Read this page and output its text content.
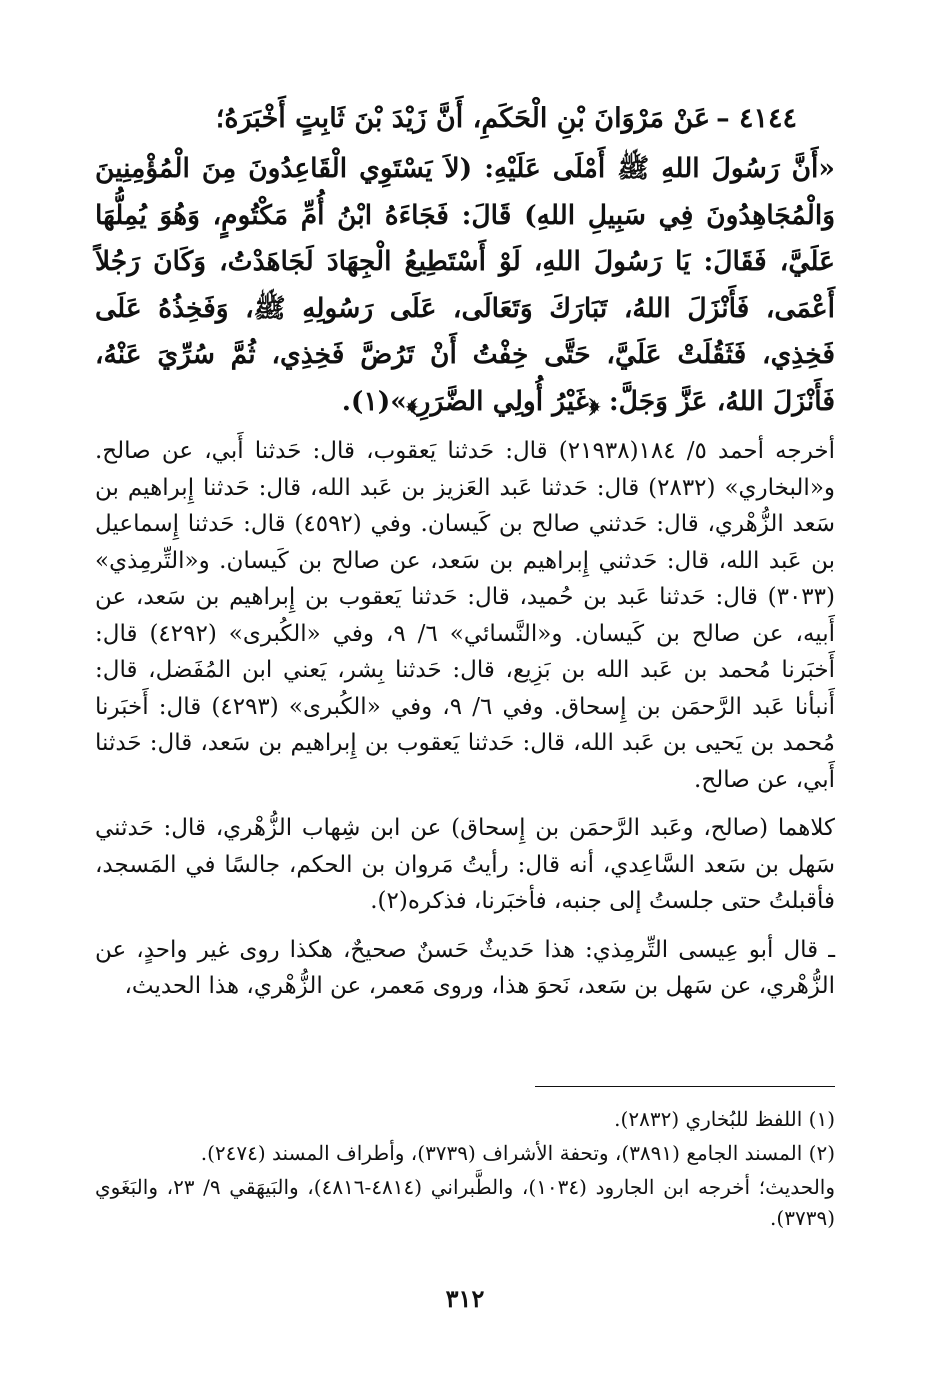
٤١٤٤ –عَنْ مَرْوَانَ بْنِ الْحَكَمِ، أَنَّ زَيْدَ بْنَ ثَابِتٍ أَخْبَرَهُ؛

«أَنَّ رَسُولَ اللهِ ﷺ أَمْلَى عَلَيْهِ: (لاَ يَسْتَوِي الْقَاعِدُونَ مِنَ الْمُؤْمِنِينَ وَالْمُجَاهِدُونَ فِي سَبِيلِ اللهِ) قَالَ: فَجَاءَهُ ابْنُ أُمِّ مَكْتُومٍ، وَهُوَ يُمِلُّهَا عَلَيَّ، فَقَالَ: يَا رَسُولَ اللهِ، لَوْ أَسْتَطِيعُ الْجِهَادَ لَجَاهَدْتُ، وَكَانَ رَجُلاً أَعْمَى، فَأَنْزَلَ اللهُ، تَبَارَكَ وَتَعَالَى، عَلَى رَسُولِهِ ﷺ، وَفَخِذُهُ عَلَى فَخِذِي، فَثَقُلَتْ عَلَيَّ، حَتَّى خِفْتُ أَنْ تَرُضَّ فَخِذِي، ثُمَّ سُرِّيَ عَنْهُ، فَأَنْزَلَ اللهُ، عَزَّ وَجَلَّ: ﴿غَيْرُ أُولِي الضَّرَرِ﴾»(١).

أخرجه أحمد ٥/ ١٨٤(٢١٩٣٨) قال: حَدثنا يَعقوب، قال: حَدثنا أَبي، عن صالح. و«البخاري» (٢٨٣٢) قال: حَدثنا عَبد العَزيز بن عَبد الله، قال: حَدثنا إِبراهيم بن سَعد الزُّهْري، قال: حَدثني صالح بن كَيسان. وفي (٤٥٩٢) قال: حَدثنا إِسماعيل بن عَبد الله، قال: حَدثني إِبراهيم بن سَعد، عن صالح بن كَيسان. و«التِّرمِذي» (٣٠٣٣) قال: حَدثنا عَبد بن حُميد، قال: حَدثنا يَعقوب بن إِبراهيم بن سَعد، عن أَبيه، عن صالح بن كَيسان. و«النَّسائي» ٦/ ٩، وفي «الكُبرى» (٤٢٩٢) قال: أَخبَرنا مُحمد بن عَبد الله بن بَزِيع، قال: حَدثنا بِشر، يَعني ابن المُفَضل، قال: أَنبأنا عَبد الرَّحمَن بن إِسحاق. وفي ٦/ ٩، وفي «الكُبرى» (٤٢٩٣) قال: أَخبَرنا مُحمد بن يَحيى بن عَبد الله، قال: حَدثنا يَعقوب بن إِبراهيم بن سَعد، قال: حَدثنا أَبي، عن صالح.

كلاهما (صالح، وعَبد الرَّحمَن بن إِسحاق) عن ابن شِهاب الزُّهْري، قال: حَدثني سَهل بن سَعد السَّاعِدي، أنه قال: رأيتُ مَروان بن الحكم، جالسًا في المَسجد، فأقبلتُ حتى جلستُ إلى جنبه، فأخبَرنا، فذكره(٢).

ـ قال أبو عِيسى التِّرمِذي: هذا حَديثٌ حَسنٌ صحيحٌ، هكذا روى غير واحدٍ، عن الزُّهْري، عن سَهل بن سَعد، نَحوَ هذا، وروى مَعمر، عن الزُّهْري، هذا الحديث،

(١) اللفظ للبُخاري (٢٨٣٢).

(٢) المسند الجامع (٣٨٩١)، وتحفة الأشراف (٣٧٣٩)، وأطراف المسند (٢٤٧٤).

والحديث؛ أخرجه ابن الجارود (١٠٣٤)، والطَّبراني (٤٨١٤-٤٨١٦)، والبَيهَقي ٩/ ٢٣، والبَغَوي (٣٧٣٩).

٣١٢
